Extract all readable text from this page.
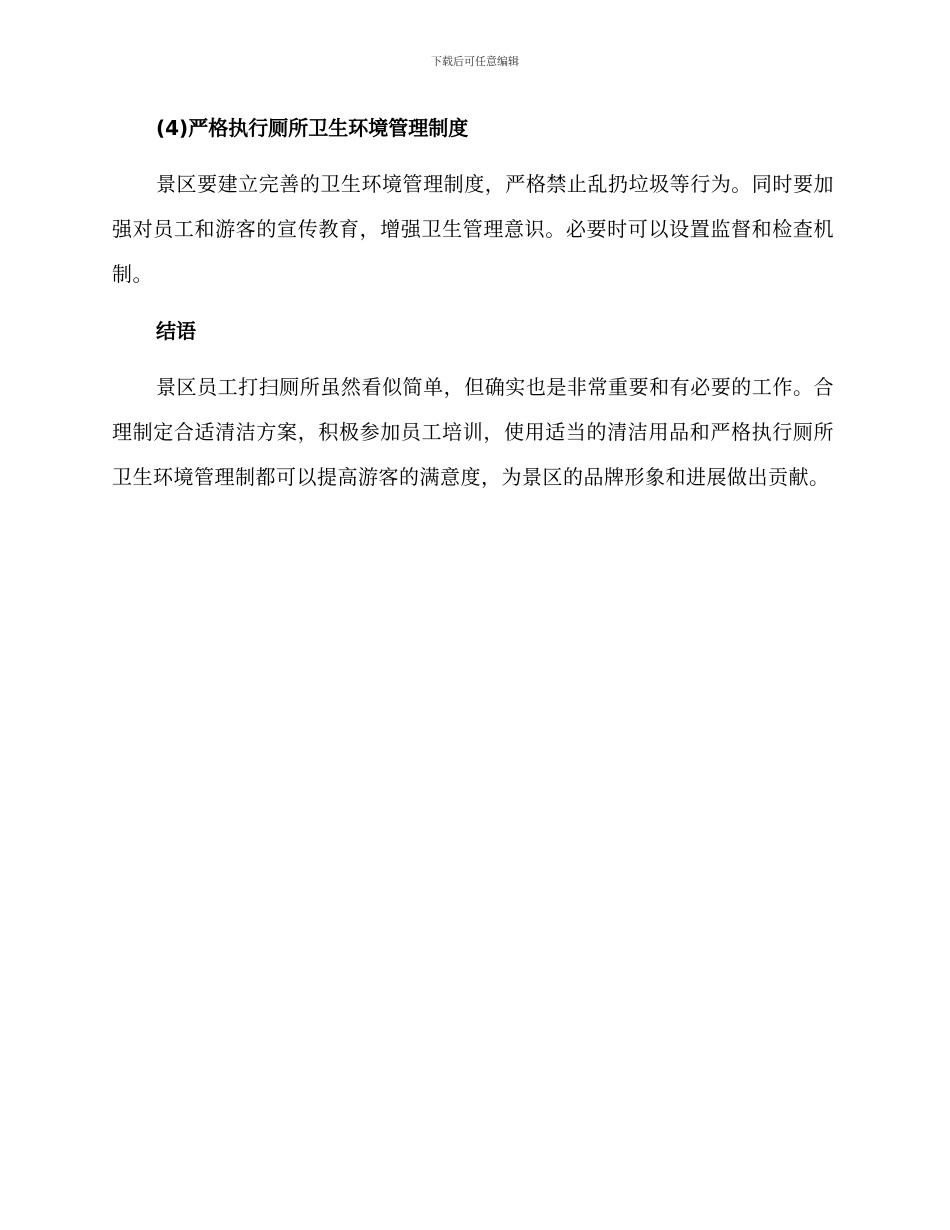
下载后可任意编辑
(4)严格执行厕所卫生环境管理制度

景区要建立完善的卫生环境管理制度，严格禁止乱扔垃圾等行为。同时要加强对员工和游客的宣传教育，增强卫生管理意识。必要时可以设置监督和检查机制。

结语

景区员工打扫厕所虽然看似简单，但确实也是非常重要和有必要的工作。合理制定合适清洁方案，积极参加员工培训，使用适当的清洁用品和严格执行厕所卫生环境管理制都可以提高游客的满意度，为景区的品牌形象和进展做出贡献。
